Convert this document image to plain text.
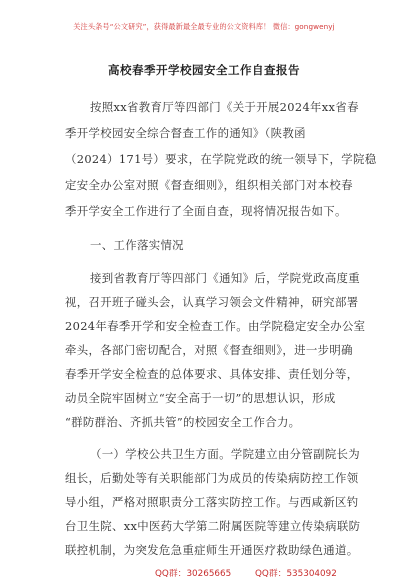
关注头条号“公文研究”，获得最新最全最专业的公文资料库！ 微信：gongwenyj
高校春季开学校园安全工作自查报告
按照xx省教育厅等四部门《关于开展2024年xx省春
季开学校园安全综合督查工作的通知》（陕教函
（2024）171号）要求，在学院党政的统一领导下，学院稳
定安全办公室对照《督查细则》，组织相关部门对本校春
季开学安全工作进行了全面自查，现将情况报告如下。
一、工作落实情况
接到省教育厅等四部门《通知》后，学院党政高度重
视，召开班子碰头会，认真学习领会文件精神，研究部署
2024年春季开学和安全检查工作。由学院稳定安全办公室
牵头，各部门密切配合，对照《督查细则》，进一步明确
春季开学安全检查的总体要求、具体安排、责任划分等，
动员全院牢固树立“安全高于一切”的思想认识，形成
“群防群治、齐抓共管”的校园安全工作合力。
（一）学校公共卫生方面。学院建立由分管副院长为
组长，后勤处等有关职能部门为成员的传染病防控工作领
导小组，严格对照职责分工落实防控工作。与西咸新区钓
台卫生院、xx中医药大学第二附属医院等建立传染病联防
联控机制，为突发危急重症师生开通医疗救助绿色通道。
QQ群：30265665	QQ群：535304092
